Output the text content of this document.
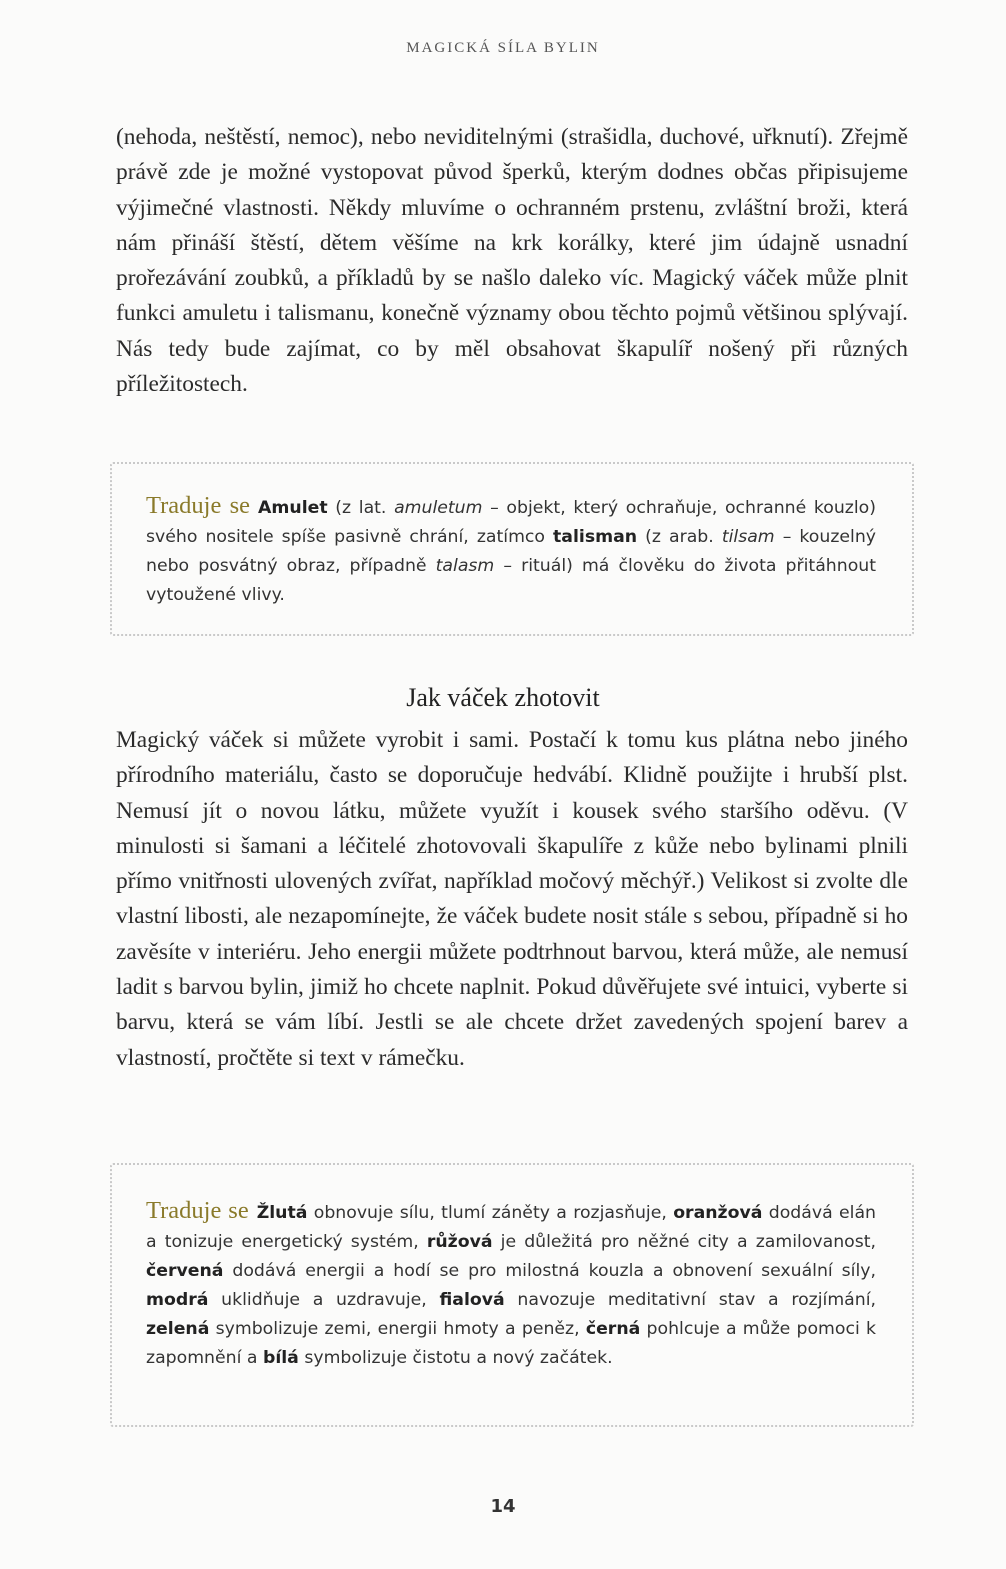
MAGICKÁ SÍLA BYLIN

(nehoda, neštěstí, nemoc), nebo neviditelnými (strašidla, duchové, uřknutí). Zřejmě právě zde je možné vystopovat původ šperků, kterým dodnes občas připisujeme výjimečné vlastnosti. Někdy mluvíme o ochranném prstenu, zvláštní broži, která nám přináší štěstí, dětem věšíme na krk korálky, které jim údajně usnadní prořezávání zoubků, a příkladů by se našlo daleko víc. Magický váček může plnit funkci amuletu i talismanu, konečně významy obou těchto pojmů většinou splývají. Nás tedy bude zajímat, co by měl obsahovat škapulíř nošený při různých příležitostech.

Traduje se Amulet (z lat. amuletum – objekt, který ochraňuje, ochranné kouzlo) svého nositele spíše pasivně chrání, zatímco talisman (z arab. tilsam – kouzelný nebo posvátný obraz, případně talasm – rituál) má člověku do života přitáhnout vytoužené vlivy.
Jak váček zhotovit

Magický váček si můžete vyrobit i sami. Postačí k tomu kus plátna nebo jiného přírodního materiálu, často se doporučuje hedvábí. Klidně použijte i hrubší plst. Nemusí jít o novou látku, můžete využít i kousek svého staršího oděvu. (V minulosti si šamani a léčitelé zhotovovali škapulíře z kůže nebo bylinami plnili přímo vnitřnosti ulovených zvířat, například močový měchýř.) Velikost si zvolte dle vlastní libosti, ale nezapomínejte, že váček budete nosit stále s sebou, případně si ho zavěsíte v interiéru. Jeho energii můžete podtrhnout barvou, která může, ale nemusí ladit s barvou bylin, jimiž ho chcete naplnit. Pokud důvěřujete své intuici, vyberte si barvu, která se vám líbí. Jestli se ale chcete držet zavedených spojení barev a vlastností, pročtěte si text v rámečku.

Traduje se Žlutá obnovuje sílu, tlumí záněty a rozjasňuje, oranžová dodává elán a tonizuje energetický systém, růžová je důležitá pro něžné city a zamilovanost, červená dodává energii a hodí se pro milostná kouzla a obnovení sexuální síly, modrá uklidňuje a uzdravuje, fialová navozuje meditativní stav a rozjímání, zelená symbolizuje zemi, energii hmoty a peněz, černá pohlcuje a může pomoci k zapomnění a bílá symbolizuje čistotu a nový začátek.
14
